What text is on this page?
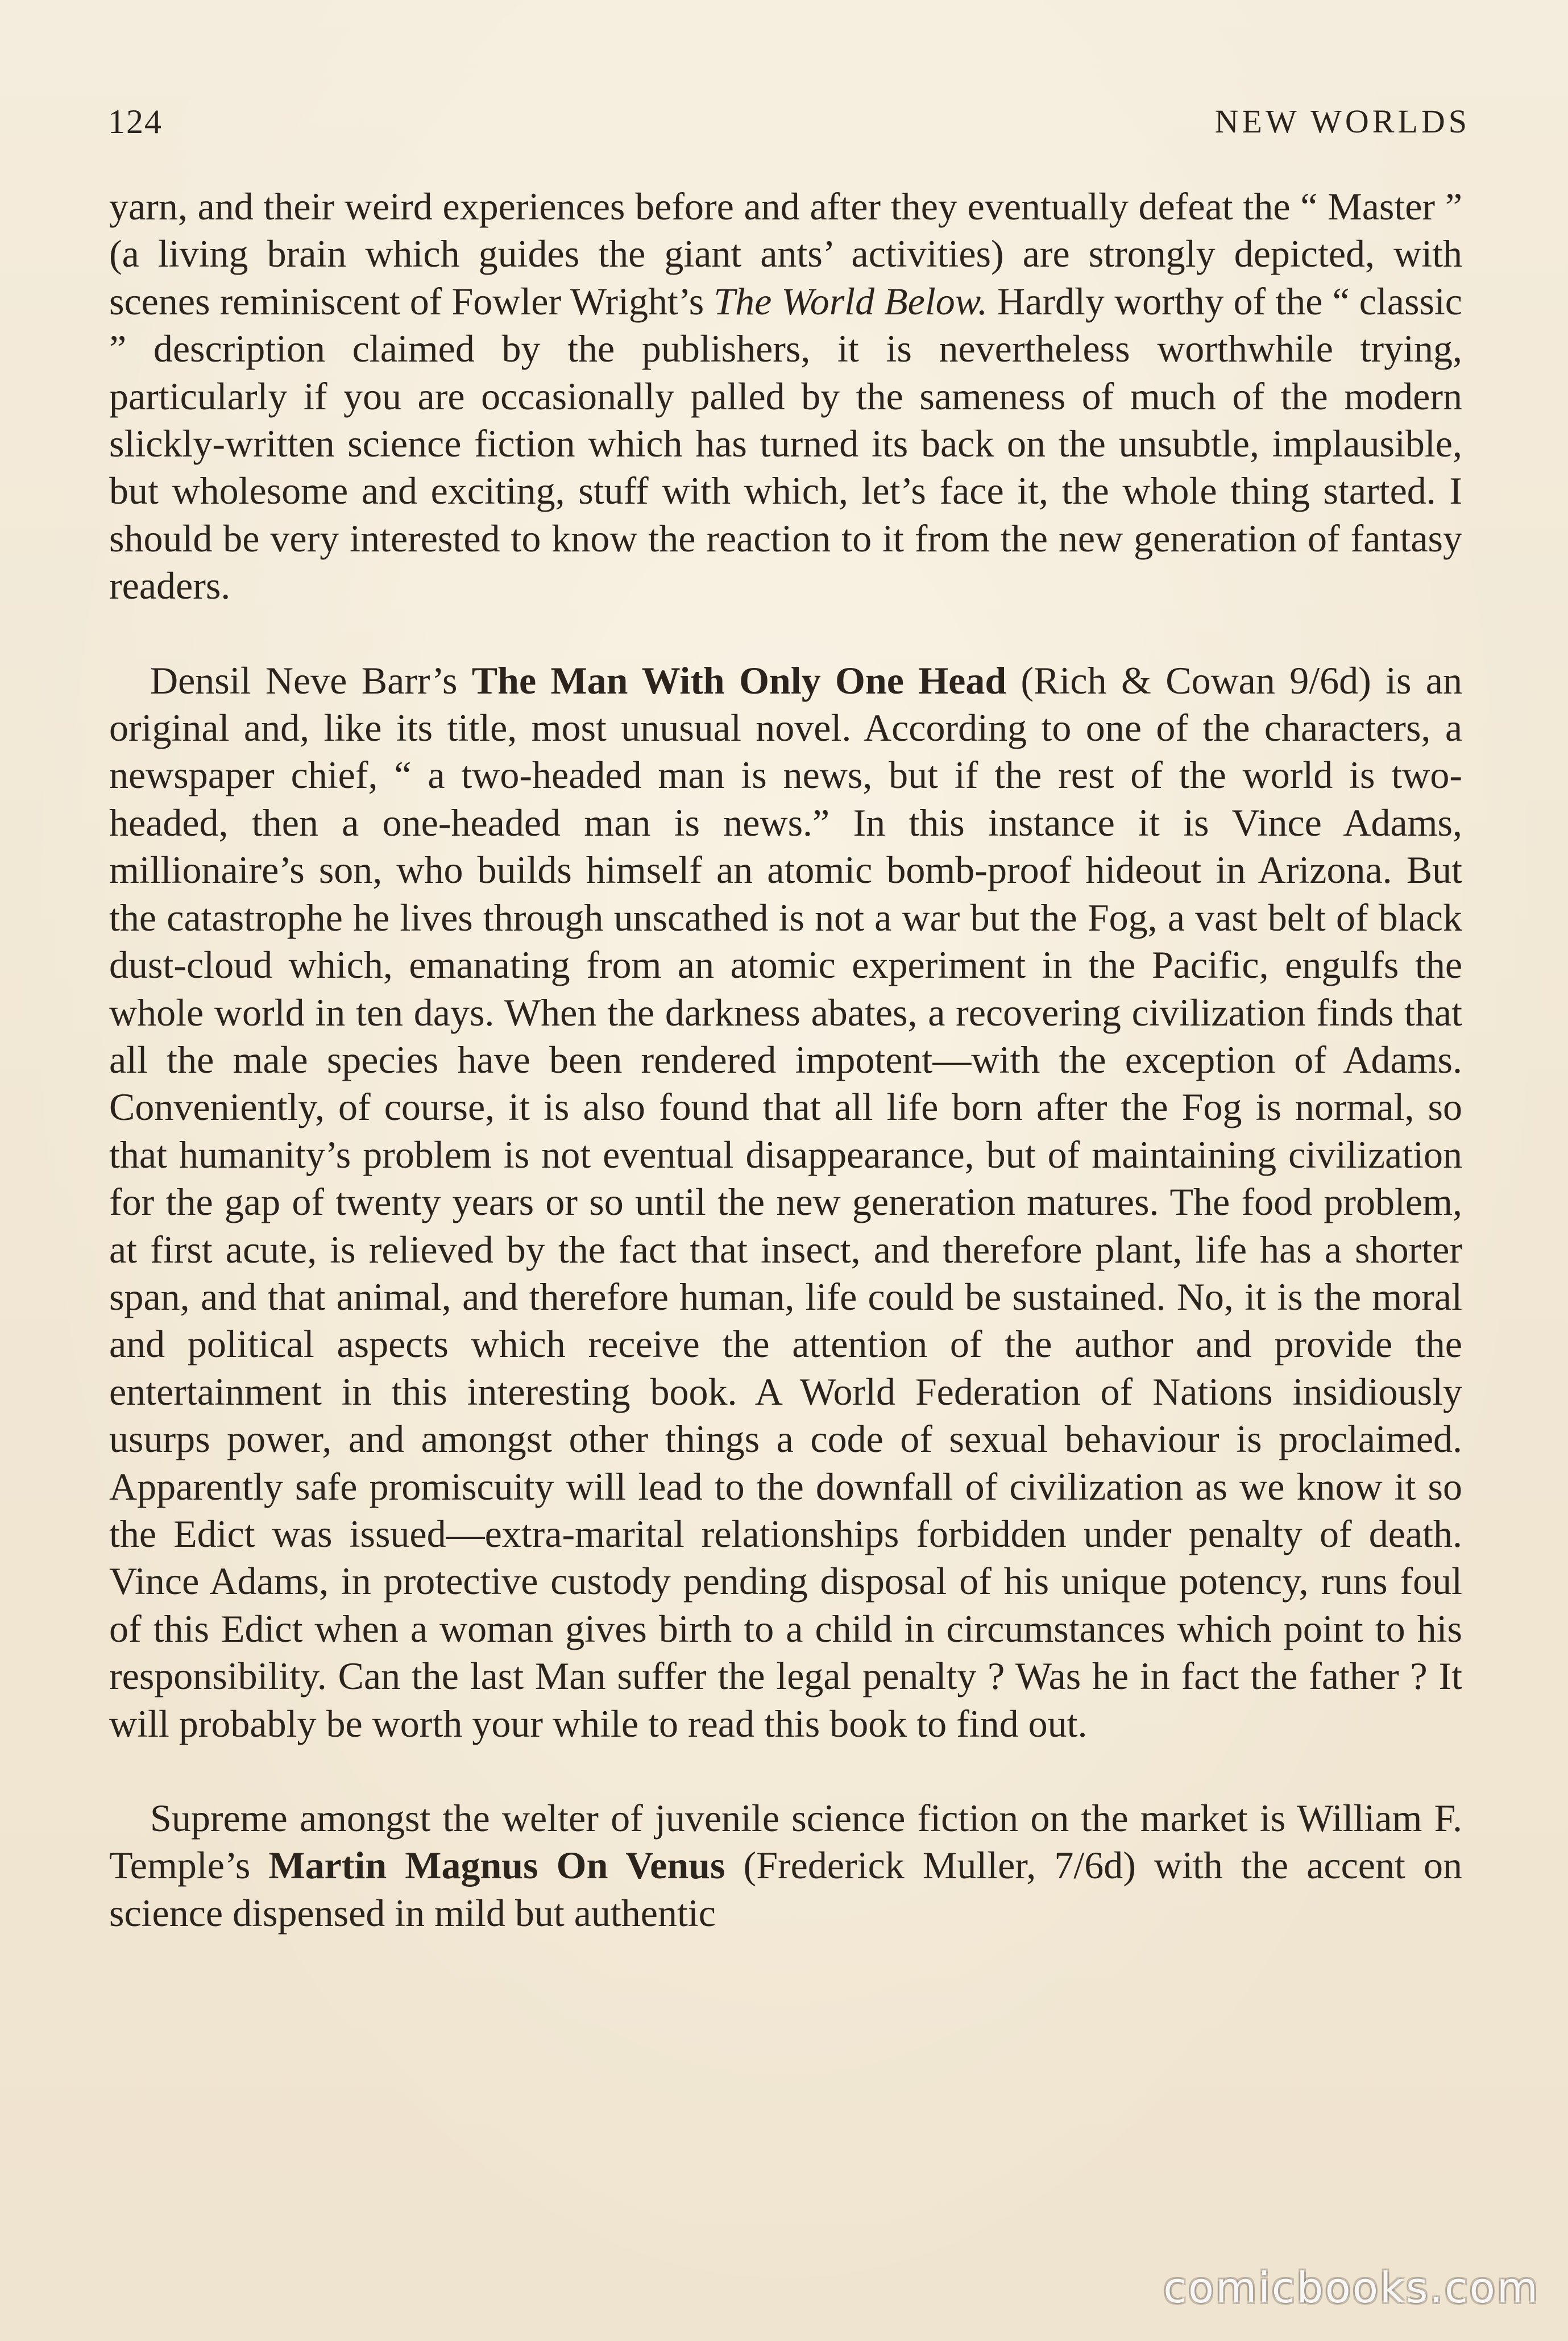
124	NEW WORLDS

yarn, and their weird experiences before and after they eventually defeat the “ Master ” (a living brain which guides the giant ants’ activities) are strongly depicted, with scenes reminiscent of Fowler Wright’s The World Below. Hardly worthy of the “ classic ” description claimed by the publishers, it is nevertheless worthwhile trying, particularly if you are occasionally palled by the sameness of much of the modern slickly-written science fiction which has turned its back on the unsubtle, implausible, but wholesome and exciting, stuff with which, let’s face it, the whole thing started. I should be very interested to know the reaction to it from the new generation of fantasy readers.

Densil Neve Barr’s The Man With Only One Head (Rich & Cowan 9/6d) is an original and, like its title, most unusual novel. According to one of the characters, a newspaper chief, “ a two-headed man is news, but if the rest of the world is two-headed, then a one-headed man is news.” In this instance it is Vince Adams, millionaire’s son, who builds himself an atomic bomb-proof hideout in Arizona. But the catastrophe he lives through unscathed is not a war but the Fog, a vast belt of black dust-cloud which, emanating from an atomic experiment in the Pacific, engulfs the whole world in ten days. When the darkness abates, a recovering civilization finds that all the male species have been rendered impotent—with the exception of Adams. Conveniently, of course, it is also found that all life born after the Fog is normal, so that humanity’s problem is not eventual disappearance, but of maintaining civilization for the gap of twenty years or so until the new generation matures. The food problem, at first acute, is relieved by the fact that insect, and therefore plant, life has a shorter span, and that animal, and therefore human, life could be sustained. No, it is the moral and political aspects which receive the attention of the author and provide the entertainment in this interesting book. A World Federation of Nations insidiously usurps power, and amongst other things a code of sexual behaviour is proclaimed. Apparently safe promiscuity will lead to the downfall of civilization as we know it so the Edict was issued—extra-marital relationships forbidden under penalty of death. Vince Adams, in protective custody pending disposal of his unique potency, runs foul of this Edict when a woman gives birth to a child in circumstances which point to his responsibility. Can the last Man suffer the legal penalty ? Was he in fact the father ? It will probably be worth your while to read this book to find out.

Supreme amongst the welter of juvenile science fiction on the market is William F. Temple’s Martin Magnus On Venus (Frederick Muller, 7/6d) with the accent on science dispensed in mild but authentic

comicbooks.com
